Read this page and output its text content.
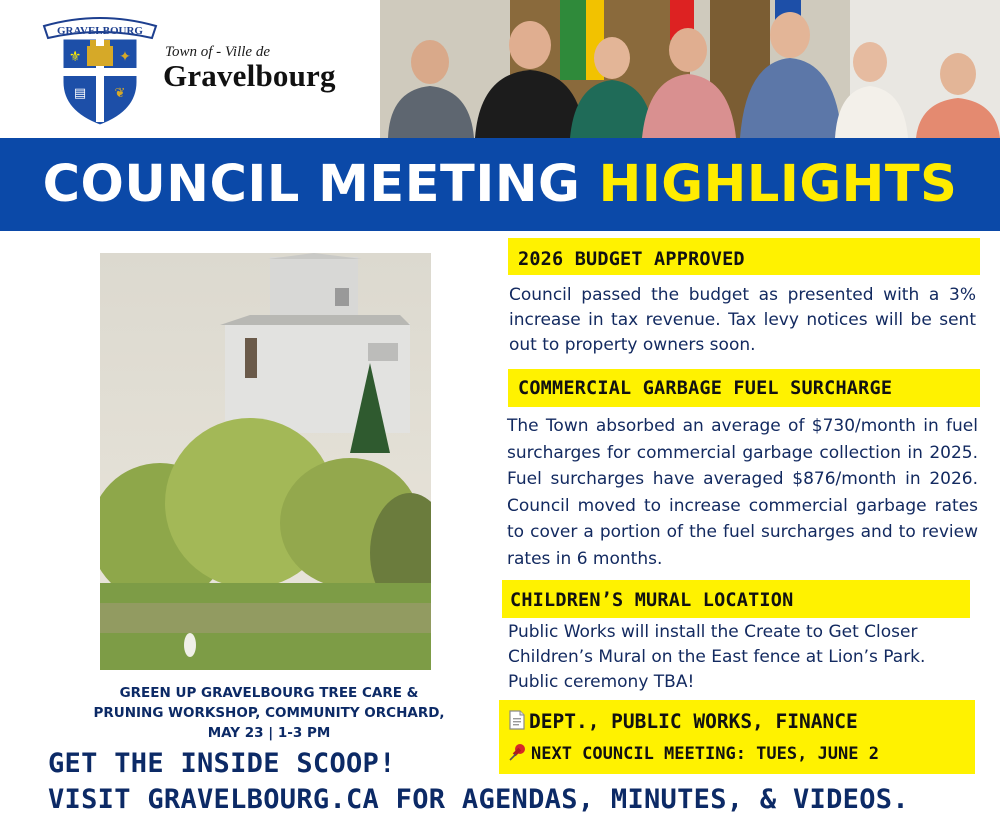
GRAVELBOURG
⚜	✦
▤ ❦
Town of - Ville de
Gravelbourg
COUNCIL MEETING HIGHLIGHTS
GREEN UP GRAVELBOURG TREE CARE &
PRUNING WORKSHOP, COMMUNITY ORCHARD,
MAY 23 | 1-3 PM
2026 BUDGET APPROVED
Council passed the budget as presented with a 3% increase in tax revenue. Tax levy notices will be sent out to property owners soon.
COMMERCIAL GARBAGE FUEL SURCHARGE
The Town absorbed an average of $730/month in fuel surcharges for commercial garbage collection in 2025. Fuel surcharges have averaged $876/month in 2026. Council moved to increase commercial garbage rates to cover a portion of the fuel surcharges and to review rates in 6 months.
CHILDREN’S MURAL LOCATION
Public Works will install the Create to Get Closer Children’s Mural on the East fence at Lion’s Park. Public ceremony TBA!
DEPT., PUBLIC WORKS, FINANCE
NEXT COUNCIL MEETING: TUES, JUNE 2
GET THE INSIDE SCOOP!
VISIT GRAVELBOURG.CA FOR AGENDAS, MINUTES, & VIDEOS.
